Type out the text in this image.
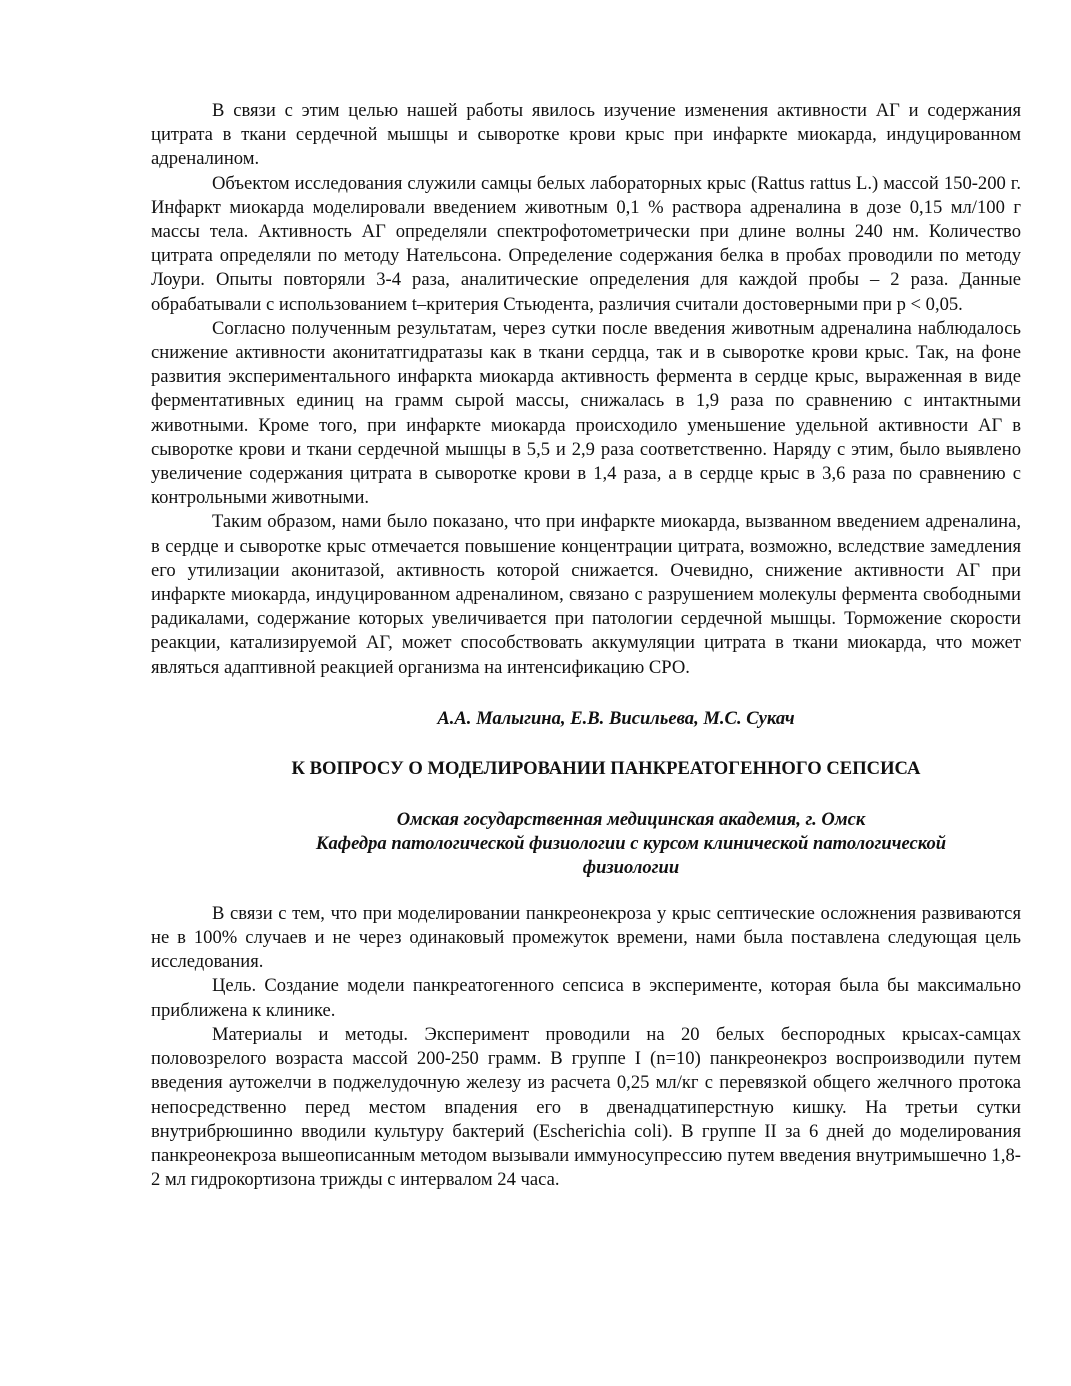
В связи с этим целью нашей работы явилось изучение изменения активности АГ и содержания цитрата в ткани сердечной мышцы и сыворотке крови крыс при инфаркте миокарда, индуцированном адреналином.

Объектом исследования служили самцы белых лабораторных крыс (Rattus rattus L.) массой 150-200 г. Инфаркт миокарда моделировали введением животным 0,1 % раствора адреналина в дозе 0,15 мл/100 г массы тела. Активность АГ определяли спектрофотометрически при длине волны 240 нм. Количество цитрата определяли по методу Нательсона. Определение содержания белка в пробах проводили по методу Лоури. Опыты повторяли 3-4 раза, аналитические определения для каждой пробы – 2 раза. Данные обрабатывали с использованием t–критерия Стьюдента, различия считали достоверными при p < 0,05.

Согласно полученным результатам, через сутки после введения животным адреналина наблюдалось снижение активности аконитатгидратазы как в ткани сердца, так и в сыворотке крови крыс. Так, на фоне развития экспериментального инфаркта миокарда активность фермента в сердце крыс, выраженная в виде ферментативных единиц на грамм сырой массы, снижалась в 1,9 раза по сравнению с интактными животными. Кроме того, при инфаркте миокарда происходило уменьшение удельной активности АГ в сыворотке крови и ткани сердечной мышцы в 5,5 и 2,9 раза соответственно. Наряду с этим, было выявлено увеличение содержания цитрата в сыворотке крови в 1,4 раза, а в сердце крыс в 3,6 раза по сравнению с контрольными животными.

Таким образом, нами было показано, что при инфаркте миокарда, вызванном введением адреналина, в сердце и сыворотке крыс отмечается повышение концентрации цитрата, возможно, вследствие замедления его утилизации аконитазой, активность которой снижается. Очевидно, снижение активности АГ при инфаркте миокарда, индуцированном адреналином, связано с разрушением молекулы фермента свободными радикалами, содержание которых увеличивается при патологии сердечной мышцы. Торможение скорости реакции, катализируемой АГ, может способствовать аккумуляции цитрата в ткани миокарда, что может являться адаптивной реакцией организма на интенсификацию СРО.

А.А. Малыгина, Е.В. Висильева, М.С. Сукач
К ВОПРОСУ О МОДЕЛИРОВАНИИ ПАНКРЕАТОГЕННОГО СЕПСИСА
Омская государственная медицинская академия, г. Омск
Кафедра патологической физиологии с курсом клинической патологической
физиологии

В связи с тем, что при моделировании панкреонекроза у крыс септические осложнения развиваются не в 100% случаев и не через одинаковый промежуток времени, нами была поставлена следующая цель исследования.

Цель. Создание модели панкреатогенного сепсиса в эксперименте, которая была бы максимально приближена к клинике.

Материалы и методы. Эксперимент проводили на 20 белых беспородных крысах-самцах половозрелого возраста массой 200-250 грамм. В группе I (n=10) панкреонекроз воспроизводили путем введения аутожелчи в поджелудочную железу из расчета 0,25 мл/кг с перевязкой общего желчного протока непосредственно перед местом впадения его в двенадцатиперстную кишку. На третьи сутки внутрибрюшинно вводили культуру бактерий (Escherichia coli). В группе II за 6 дней до моделирования панкреонекроза вышеописанным методом вызывали иммуносупрессию путем введения внутримышечно 1,8-2 мл гидрокортизона трижды с интервалом 24 часа.
